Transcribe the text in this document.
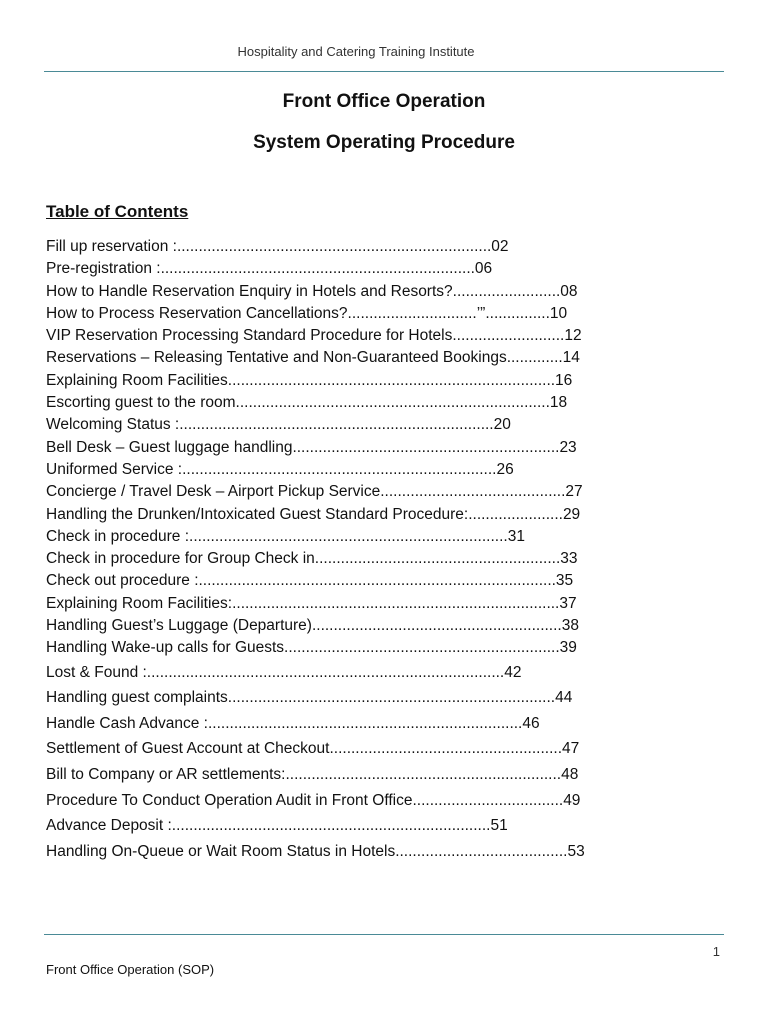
Hospitality and Catering Training Institute
Front Office Operation
System Operating Procedure
Table of Contents
Fill up reservation :.........................................................................02
Pre-registration :.........................................................................06
How to Handle Reservation Enquiry in Hotels and Resorts?.........................08
How to Process Reservation Cancellations?..............................’”...............10
VIP Reservation Processing Standard Procedure for Hotels..........................12
Reservations – Releasing Tentative and Non-Guaranteed Bookings.............14
Explaining Room Facilities............................................................................16
Escorting guest to the room.........................................................................18
Welcoming Status :.........................................................................20
Bell Desk – Guest luggage handling..............................................................23
Uniformed Service :.........................................................................26
Concierge / Travel Desk – Airport Pickup Service...........................................27
Handling the Drunken/Intoxicated Guest Standard Procedure:......................29
Check in procedure :..........................................................................31
Check in procedure for Group Check in.........................................................33
Check out procedure :...................................................................................35
Explaining Room Facilities:............................................................................37
Handling Guest’s Luggage (Departure)..........................................................38
Handling Wake-up calls for Guests................................................................39
Lost & Found :...................................................................................42
Handling guest complaints............................................................................44
Handle Cash Advance :.........................................................................46
Settlement of Guest Account at Checkout......................................................47
Bill to Company or AR settlements:................................................................48
Procedure To Conduct Operation Audit in Front Office...................................49
Advance Deposit :..........................................................................51
Handling On-Queue or Wait Room Status in Hotels........................................53
1
Front Office Operation (SOP)
